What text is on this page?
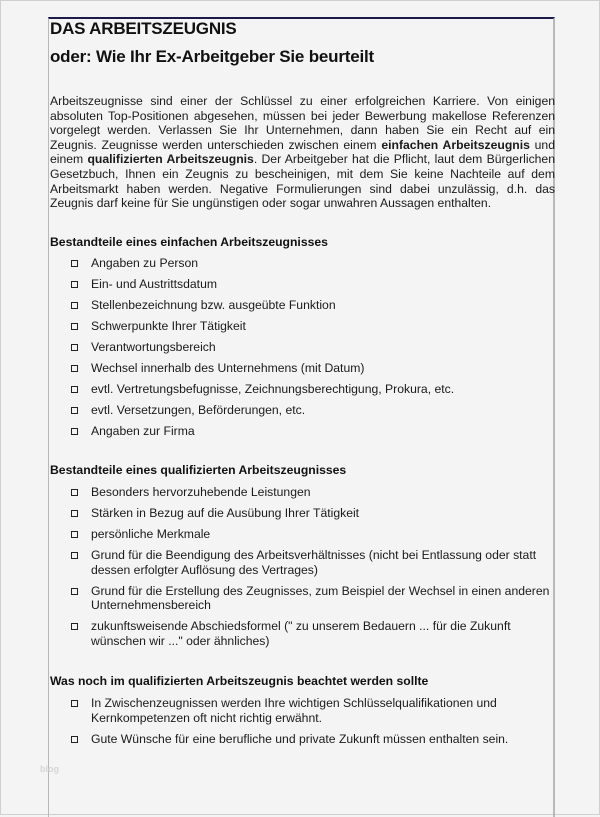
DAS ARBEITSZEUGNIS
oder: Wie Ihr Ex-Arbeitgeber Sie beurteilt

Arbeitszeugnisse sind einer der Schlüssel zu einer erfolgreichen Karriere. Von einigen absoluten Top-Positionen abgesehen, müssen bei jeder Bewerbung makellose Referenzen vorgelegt werden. Verlassen Sie Ihr Unternehmen, dann haben Sie ein Recht auf ein Zeugnis. Zeugnisse werden unterschieden zwischen einem einfachen Arbeitszeugnis und einem qualifizierten Arbeitszeugnis. Der Arbeitgeber hat die Pflicht, laut dem Bürgerlichen Gesetzbuch, Ihnen ein Zeugnis zu bescheinigen, mit dem Sie keine Nachteile auf dem Arbeitsmarkt haben werden. Negative Formulierungen sind dabei unzulässig, d.h. das Zeugnis darf keine für Sie ungünstigen oder sogar unwahren Aussagen enthalten.

Bestandteile eines einfachen Arbeitszeugnisses
Angaben zu Person
Ein- und Austrittsdatum
Stellenbezeichnung bzw. ausgeübte Funktion
Schwerpunkte Ihrer Tätigkeit
Verantwortungsbereich
Wechsel innerhalb des Unternehmens (mit Datum)
evtl. Vertretungsbefugnisse, Zeichnungsberechtigung, Prokura, etc.
evtl. Versetzungen, Beförderungen, etc.
Angaben zur Firma
Bestandteile eines qualifizierten Arbeitszeugnisses
Besonders hervorzuhebende Leistungen
Stärken in Bezug auf die Ausübung Ihrer Tätigkeit
persönliche Merkmale
Grund für die Beendigung des Arbeitsverhältnisses (nicht bei Entlassung oder statt dessen erfolgter Auflösung des Vertrages)
Grund für die Erstellung des Zeugnisses, zum Beispiel der Wechsel in einen anderen Unternehmensbereich
zukunftsweisende Abschiedsformel (" zu unserem Bedauern ... für die Zukunft wünschen wir ..." oder ähnliches)
Was noch im qualifizierten Arbeitszeugnis beachtet werden sollte
In Zwischenzeugnissen werden Ihre wichtigen Schlüsselqualifikationen und Kernkompetenzen oft nicht richtig erwähnt.
Gute Wünsche für eine berufliche und private Zukunft müssen enthalten sein.
blog
